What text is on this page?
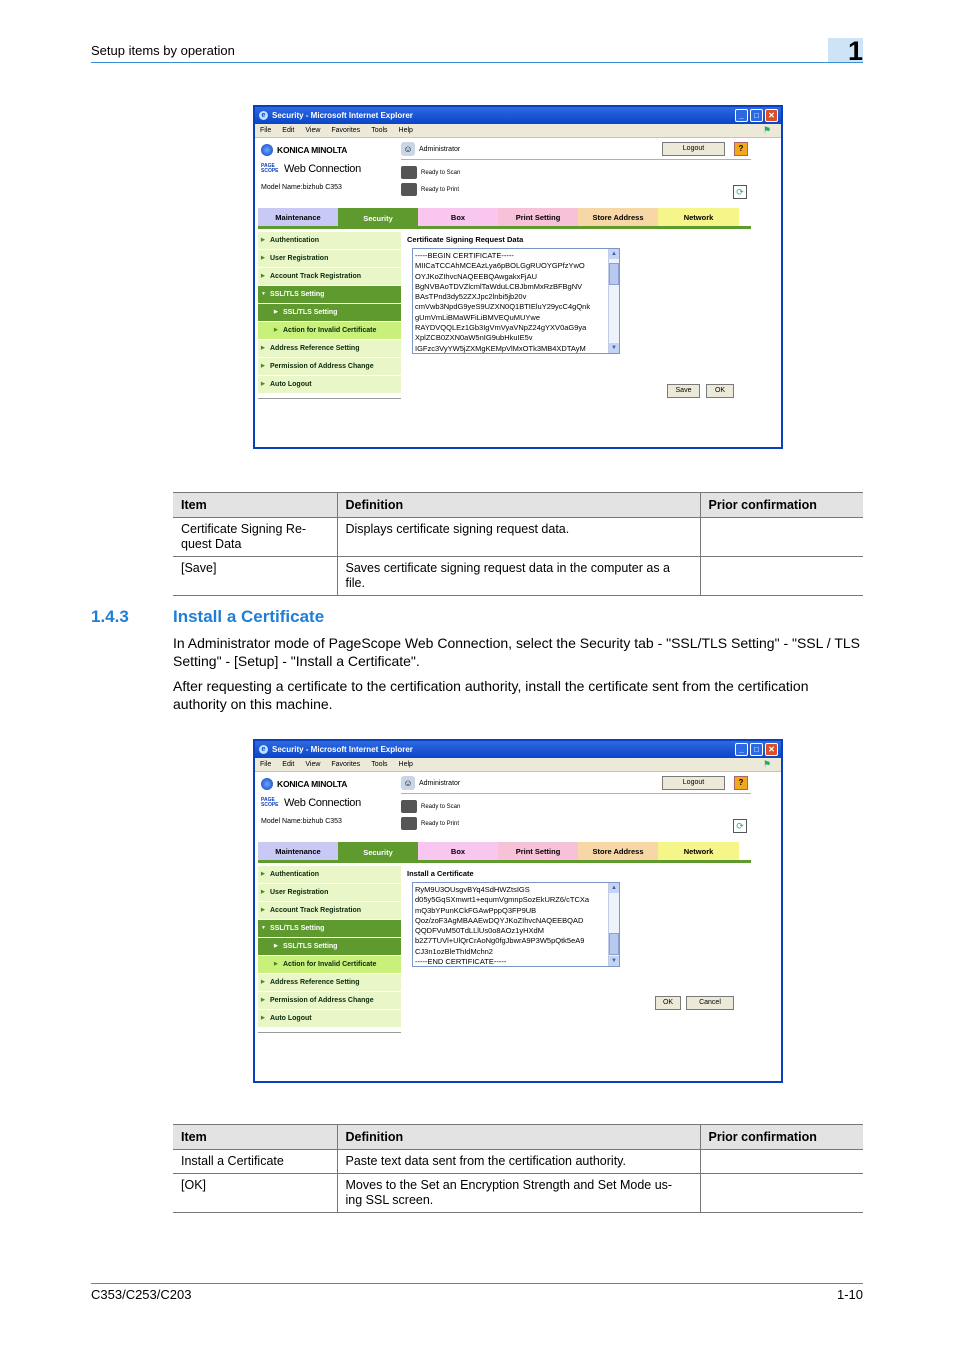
Setup items by operation	1
e Security - Microsoft Internet Explorer	_	□	✕
File Edit View Favorites Tools Help	⚑
KONICA MINOLTA
PAGE SCOPE Web Connection
Model Name:bizhub C353
☺ Administrator	Logout	?
Ready to Scan
Ready to Print	⟳
Maintenance	Security	Box	Print Setting	Store Address	Network
▶ Authentication
▶ User Registration
▶ Account Track Registration
▼ SSL/TLS Setting
▶ SSL/TLS Setting
▶ Action for Invalid Certificate
▶ Address Reference Setting
▶ Permission of Address Change
▶ Auto Logout
Certificate Signing Request Data
-----BEGIN CERTIFICATE-----
MIICaTCCAhMCEAzLya6pBOLGgRUOYGPfzYwO
OYJKoZIhvcNAQEEBQAwgakxFjAU
BgNVBAoTDVZlcmlTaWduLCBJbmMxRzBFBgNV
BAsTPnd3dy52ZXJpc2lnbi5jb20v
cmVwb3NpdG9yeS9UZXN0Q1BTIEluY29ycC4gQnk
gUmVmLiBMaWFiLiBMVEQuMUYwe
RAYDVQQLEz1Gb3IgVmVyaVNpZ24gYXV0aG9ya
XplZCB0ZXN0aW5nIG9ubHkuIE5v
IGFzc3VyYW5jZXMgKEMpVlMxOTk3MB4XDTAyM

▲

▼

Save	OK
Item	Definition	Prior confirmation
Certificate Signing Re-
quest Data	Displays certificate signing request data.	
[Save]	Saves certificate signing request data in the computer as a
file.	
1.4.3	Install a Certificate
In Administrator mode of PageScope Web Connection, select the Security tab - "SSL/TLS Setting" - "SSL / TLS Setting" - [Setup] - "Install a Certificate".
After requesting a certificate to the certification authority, install the certificate sent from the certification authority on this machine.
e Security - Microsoft Internet Explorer	_	□	✕
File Edit View Favorites Tools Help	⚑
KONICA MINOLTA
PAGE SCOPE Web Connection
Model Name:bizhub C353
☺ Administrator	Logout	?
Ready to Scan
Ready to Print	⟳
Maintenance	Security	Box	Print Setting	Store Address	Network
▶ Authentication
▶ User Registration
▶ Account Track Registration
▼ SSL/TLS Setting
▶ SSL/TLS Setting
▶ Action for Invalid Certificate
▶ Address Reference Setting
▶ Permission of Address Change
▶ Auto Logout
Install a Certificate
RyM9U3OUsgvBYq4SdHWZtsIGS
d05y5GqSXmwrt1+equmVgmnpSozEkURZ6/cTCXa
mQ3bYPunKCkFGAwPppQ3FP9UB
Qoz/zoF3AgMBAAEwDQYJKoZIhvcNAQEEBQAD
QQDFVuM50TdLLlUs0o8AOz1yHXdM
b2Z7TUVl+UlQrCrAoNg0fgJbwrA9P3W5pQtk5eA9
CJ3n1ozBleThIdMchn2
-----END CERTIFICATE-----

▲

▼

OK	Cancel
Item	Definition	Prior confirmation
Install a Certificate	Paste text data sent from the certification authority.	
[OK]	Moves to the Set an Encryption Strength and Set Mode us-
ing SSL screen.	
C353/C253/C203	1-10
